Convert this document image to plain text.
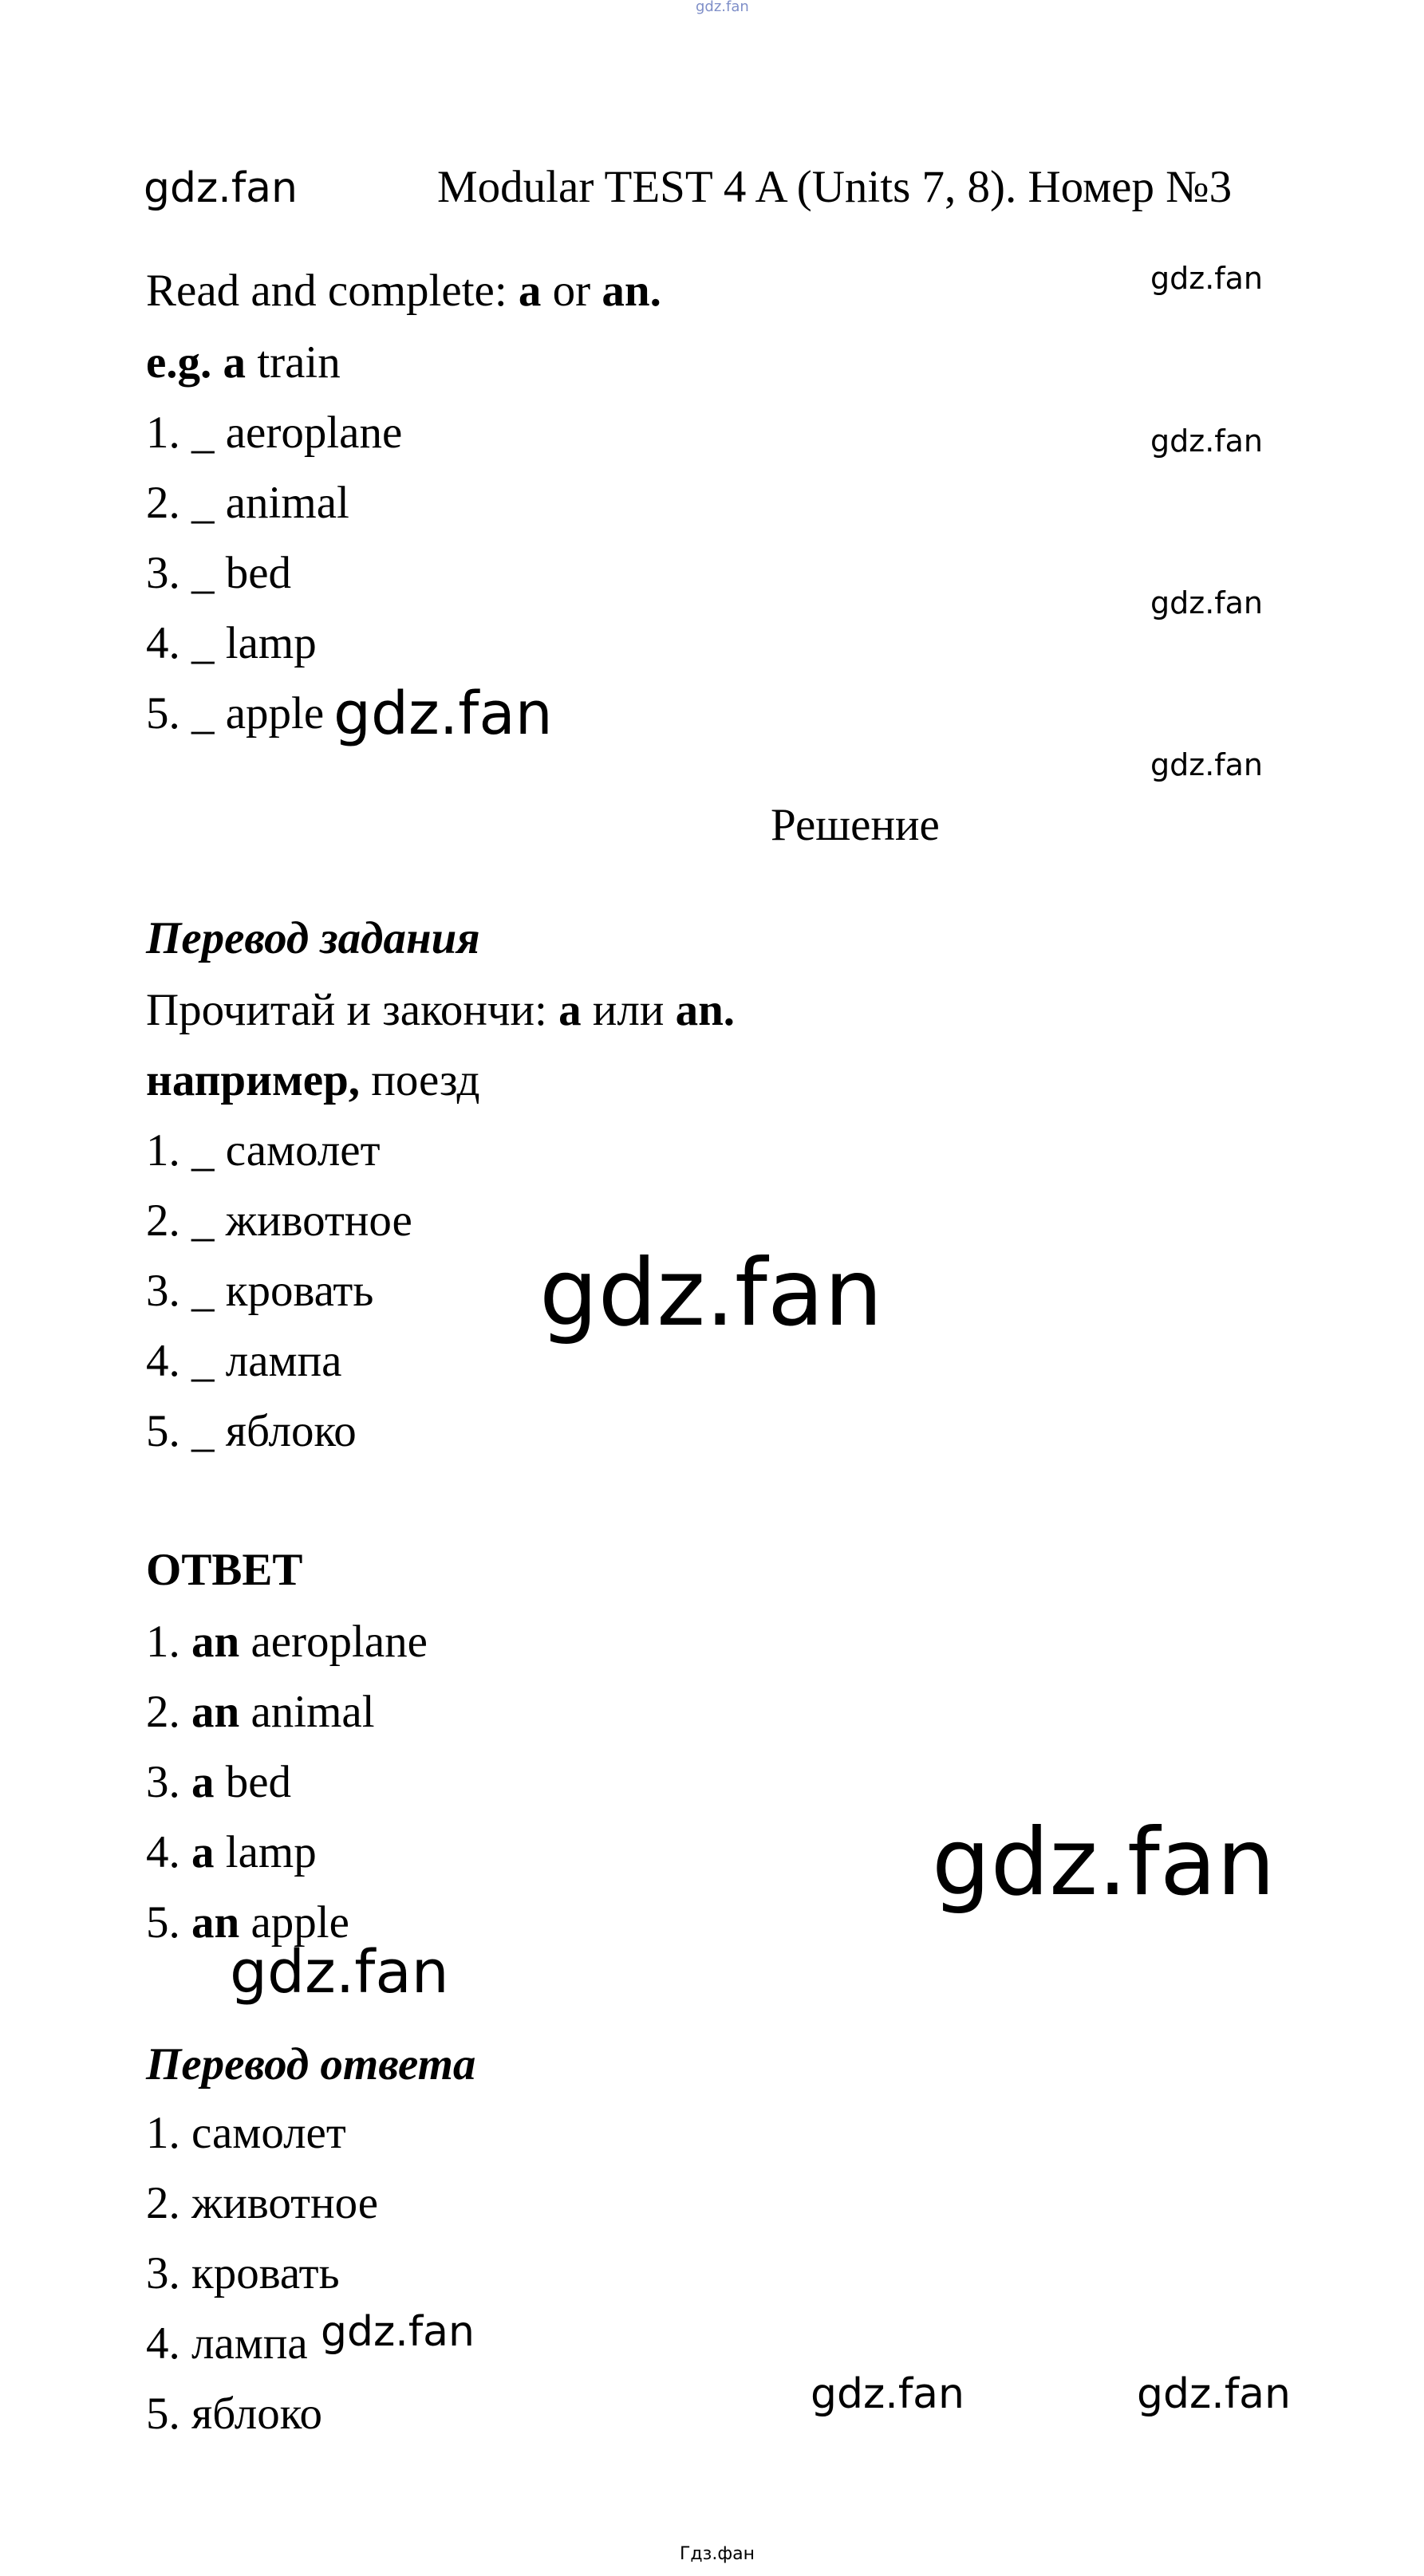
gdz.fan
gdz.fan	Modular TEST 4 A (Units 7, 8). Номер №3
Read and complete: a or an.
e.g. a train
1. _ aeroplane
2. _ animal
3. _ bed
4. _ lamp
5. _ apple
gdz.fan
gdz.fan
gdz.fan
gdz.fan
gdz.fan
Решение
Перевод задания
Прочитай и закончи: a или an.
например, поезд
1. _ самолет
2. _ животное
3. _ кровать
4. _ лампа
5. _ яблоко
gdz.fan
ОТВЕТ
1. an aeroplane
2. an animal
3. a bed
4. a lamp
5. an apple
gdz.fan
gdz.fan
Перевод ответа
1. самолет
2. животное
3. кровать
4. лампа
5. яблоко
gdz.fan
gdz.fan	gdz.fan
Гдз.фан
